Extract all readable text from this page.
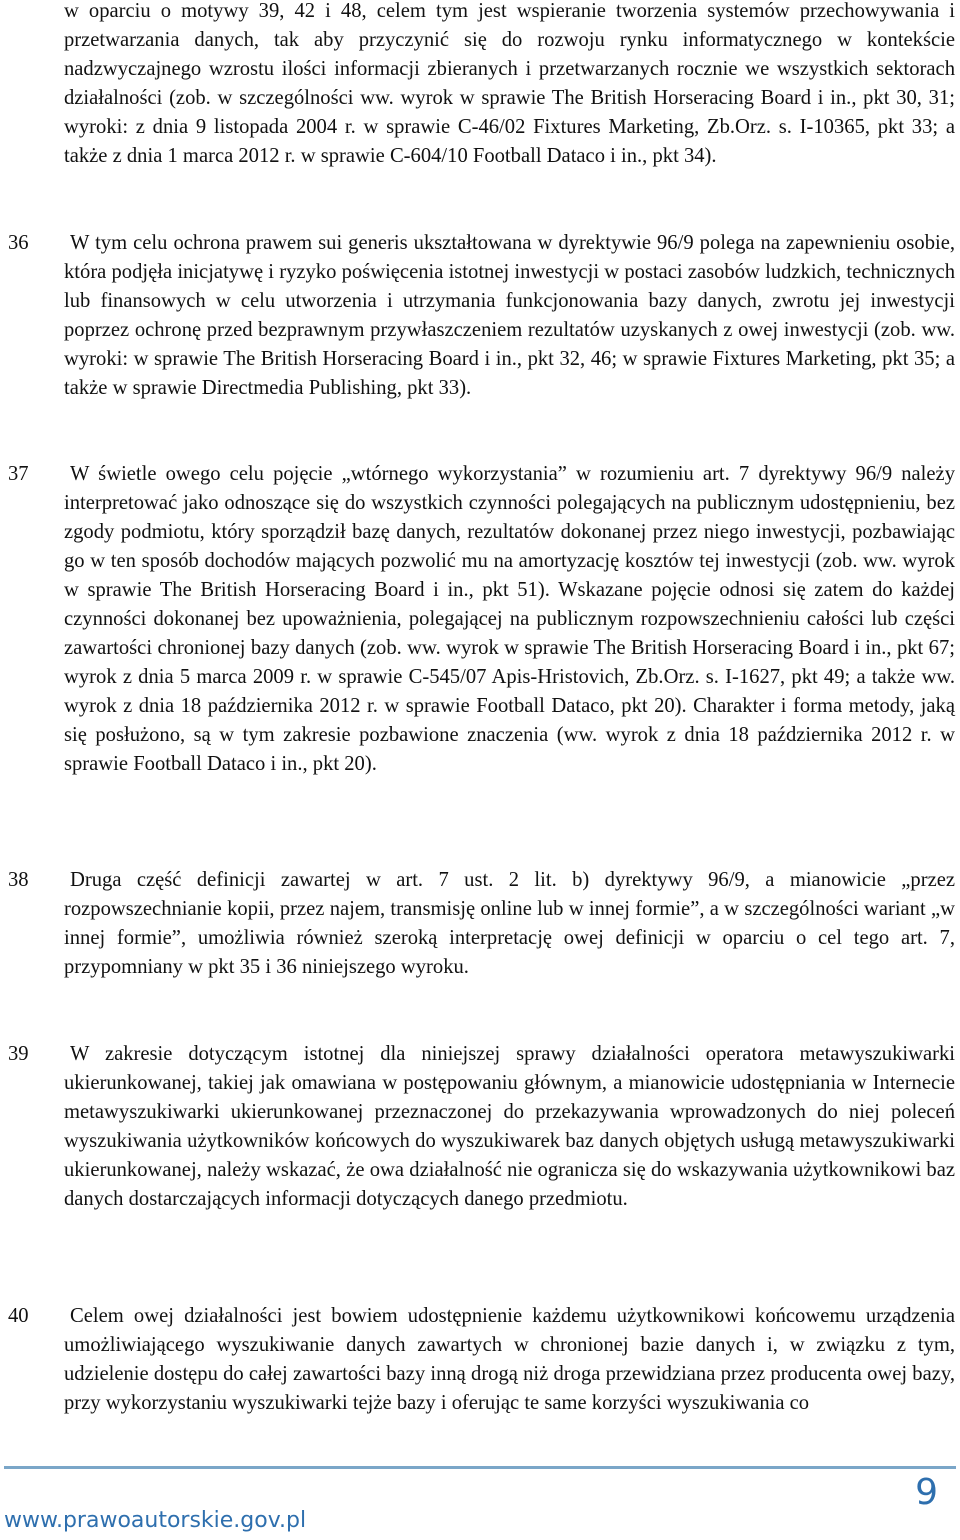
w oparciu o motywy 39, 42 i 48, celem tym jest wspieranie tworzenia systemów przechowywania i przetwarzania danych, tak aby przyczynić się do rozwoju rynku informatycznego w kontekście nadzwyczajnego wzrostu ilości informacji zbieranych i przetwarzanych rocznie we wszystkich sektorach działalności (zob. w szczególności ww. wyrok w sprawie The British Horseracing Board i in., pkt 30, 31; wyroki: z dnia 9 listopada 2004 r. w sprawie C-46/02 Fixtures Marketing, Zb.Orz. s. I-10365, pkt 33; a także z dnia 1 marca 2012 r. w sprawie C-604/10 Football Dataco i in., pkt 34).

36 W tym celu ochrona prawem sui generis ukształtowana w dyrektywie 96/9 polega na zapewnieniu osobie, która podjęła inicjatywę i ryzyko poświęcenia istotnej inwestycji w postaci zasobów ludzkich, technicznych lub finansowych w celu utworzenia i utrzymania funkcjonowania bazy danych, zwrotu jej inwestycji poprzez ochronę przed bezprawnym przywłaszczeniem rezultatów uzyskanych z owej inwestycji (zob. ww. wyroki: w sprawie The British Horseracing Board i in., pkt 32, 46; w sprawie Fixtures Marketing, pkt 35; a także w sprawie Directmedia Publishing, pkt 33).

37 W świetle owego celu pojęcie „wtórnego wykorzystania” w rozumieniu art. 7 dyrektywy 96/9 należy interpretować jako odnoszące się do wszystkich czynności polegających na publicznym udostępnieniu, bez zgody podmiotu, który sporządził bazę danych, rezultatów dokonanej przez niego inwestycji, pozbawiając go w ten sposób dochodów mających pozwolić mu na amortyzację kosztów tej inwestycji (zob. ww. wyrok w sprawie The British Horseracing Board i in., pkt 51). Wskazane pojęcie odnosi się zatem do każdej czynności dokonanej bez upoważnienia, polegającej na publicznym rozpowszechnieniu całości lub części zawartości chronionej bazy danych (zob. ww. wyrok w sprawie The British Horseracing Board i in., pkt 67; wyrok z dnia 5 marca 2009 r. w sprawie C-545/07 Apis-Hristovich, Zb.Orz. s. I-1627, pkt 49; a także ww. wyrok z dnia 18 października 2012 r. w sprawie Football Dataco, pkt 20). Charakter i forma metody, jaką się posłużono, są w tym zakresie pozbawione znaczenia (ww. wyrok z dnia 18 października 2012 r. w sprawie Football Dataco i in., pkt 20).

38 Druga część definicji zawartej w art. 7 ust. 2 lit. b) dyrektywy 96/9, a mianowicie „przez rozpowszechnianie kopii, przez najem, transmisję online lub w innej formie”, a w szczególności wariant „w innej formie”, umożliwia również szeroką interpretację owej definicji w oparciu o cel tego art. 7, przypomniany w pkt 35 i 36 niniejszego wyroku.

39 W zakresie dotyczącym istotnej dla niniejszej sprawy działalności operatora metawyszukiwarki ukierunkowanej, takiej jak omawiana w postępowaniu głównym, a mianowicie udostępniania w Internecie metawyszukiwarki ukierunkowanej przeznaczonej do przekazywania wprowadzonych do niej poleceń wyszukiwania użytkowników końcowych do wyszukiwarek baz danych objętych usługą metawyszukiwarki ukierunkowanej, należy wskazać, że owa działalność nie ogranicza się do wskazywania użytkownikowi baz danych dostarczających informacji dotyczących danego przedmiotu.

40 Celem owej działalności jest bowiem udostępnienie każdemu użytkownikowi końcowemu urządzenia umożliwiającego wyszukiwanie danych zawartych w chronionej bazie danych i, w związku z tym, udzielenie dostępu do całej zawartości bazy inną drogą niż droga przewidziana przez producenta owej bazy, przy wykorzystaniu wyszukiwarki tejże bazy i oferując te same korzyści wyszukiwania co

www.prawoautorskie.gov.pl
9
